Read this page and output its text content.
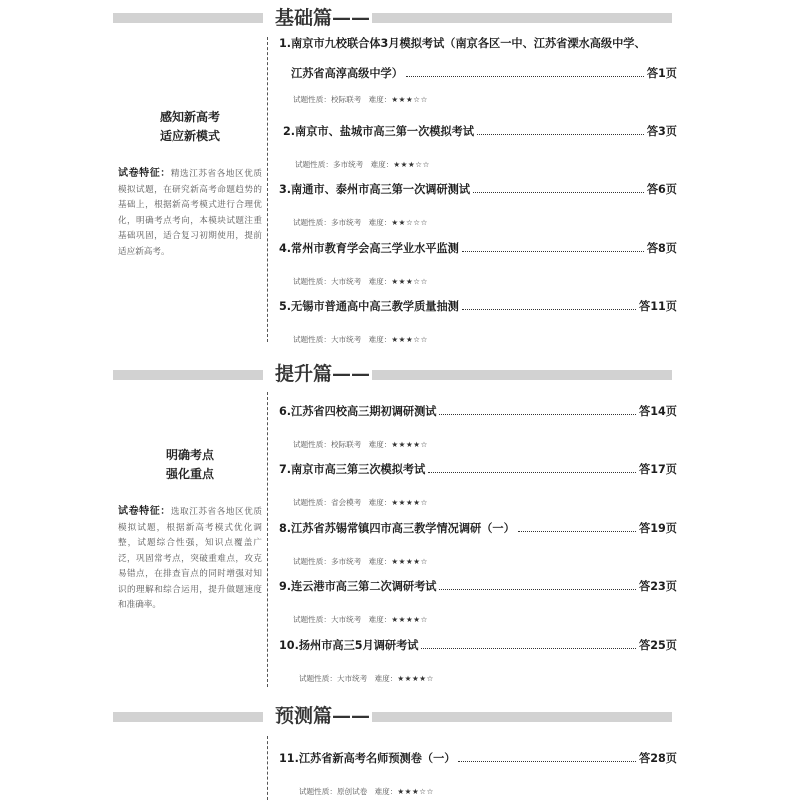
基础篇——
感知新高考
适应新模式
试卷特征：精选江苏省各地区优质模拟试题，在研究新高考命题趋势的基础上，根据新高考模式进行合理优化，明确考点考向，本模块试题注重基础巩固，适合复习初期使用，提前适应新高考。
1.南京市九校联合体3月模拟考试（南京各区一中、江苏省溧水高级中学、
江苏省高淳高级中学）	答1页
试题性质：校际联考 难度：★★★☆☆
2.南京市、盐城市高三第一次模拟考试	答3页
试题性质：多市统考 难度：★★★☆☆
3.南通市、泰州市高三第一次调研测试	答6页
试题性质：多市统考 难度：★★☆☆☆
4.常州市教育学会高三学业水平监测	答8页
试题性质：大市统考 难度：★★★☆☆
5.无锡市普通高中高三教学质量抽测	答11页
试题性质：大市统考 难度：★★★☆☆
提升篇——
明确考点
强化重点
试卷特征：选取江苏省各地区优质模拟试题，根据新高考模式优化调整，试题综合性强，知识点覆盖广泛，巩固常考点，突破重难点，攻克易错点，在排查盲点的同时增强对知识的理解和综合运用，提升做题速度和准确率。
6.江苏省四校高三期初调研测试	答14页
试题性质：校际联考 难度：★★★★☆
7.南京市高三第三次模拟考试	答17页
试题性质：省会模考 难度：★★★★☆
8.江苏省苏锡常镇四市高三教学情况调研（一）	答19页
试题性质：多市统考 难度：★★★★☆
9.连云港市高三第二次调研考试	答23页
试题性质：大市统考 难度：★★★★☆
10.扬州市高三5月调研考试	答25页
试题性质：大市统考 难度：★★★★☆
预测篇——
11.江苏省新高考名师预测卷（一）	答28页
试题性质：原创试卷 难度：★★★☆☆
